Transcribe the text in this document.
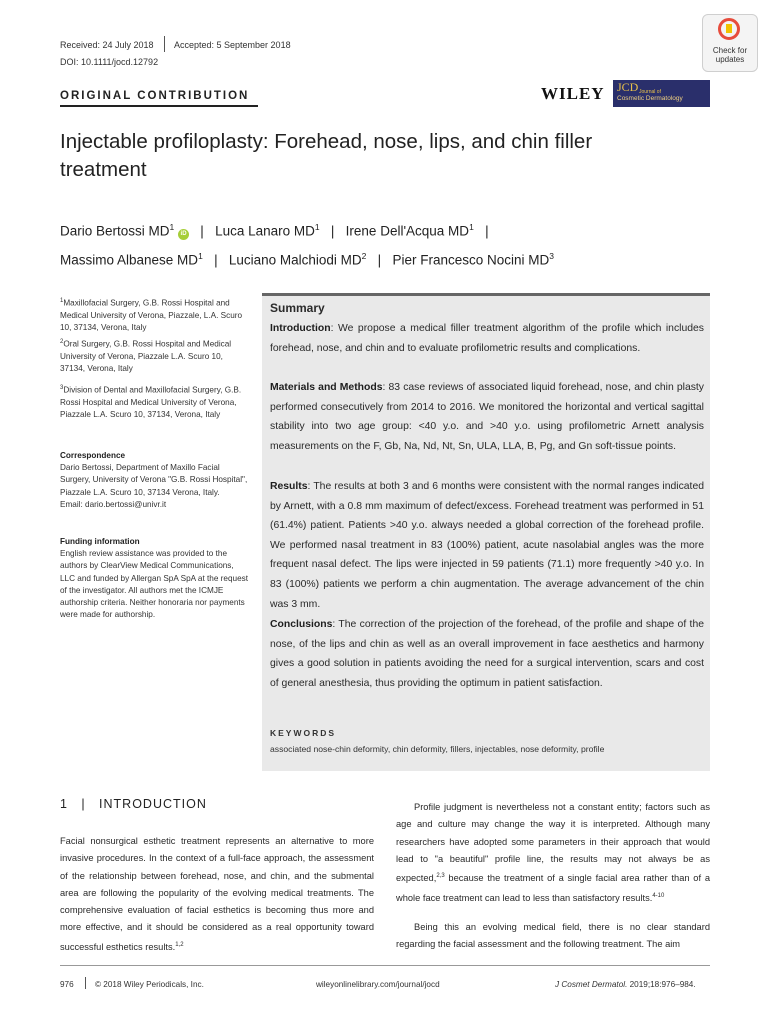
Received: 24 July 2018 Accepted: 5 September 2018
DOI: 10.1111/jocd.12792
Check for
updates
ORIGINAL CONTRIBUTION	WILEY JCD Journal of
Cosmetic Dermatology
Injectable profiloplasty: Forehead, nose, lips, and chin filler
treatment
Dario Bertossi $MD^1$ iD | Luca Lanaro $MD^1$ | Irene Dell'Acqua $MD^1$ |
Massimo Albanese $MD^1$ | Luciano Malchiodi $MD^2$ | Pier Francesco Nocini $MD^3$
$^1$Maxillofacial Surgery, G.B. Rossi Hospital and Medical University of Verona, Piazzale, L.A. Scuro 10, 37134, Verona, Italy
$^2$Oral Surgery, G.B. Rossi Hospital and Medical University of Verona, Piazzale L.A. Scuro 10, 37134, Verona, Italy
$^3$Division of Dental and Maxillofacial Surgery, G.B. Rossi Hospital and Medical University of Verona, Piazzale L.A. Scuro 10, 37134, Verona, Italy
Correspondence
Dario Bertossi, Department of Maxillo Facial Surgery, University of Verona "G.B. Rossi Hospital", Piazzale L.A. Scuro 10, 37134 Verona, Italy.
Email: dario.bertossi@univr.it
Funding information
English review assistance was provided to the authors by ClearView Medical Communications, LLC and funded by Allergan SpA SpA at the request of the investigator. All authors met the ICMJE authorship criteria. Neither honoraria nor payments were made for authorship.
Summary
Introduction: We propose a medical filler treatment algorithm of the profile which includes forehead, nose, and chin and to evaluate profilometric results and complications.
Materials and Methods: 83 case reviews of associated liquid forehead, nose, and chin plasty performed consecutively from 2014 to 2016. We monitored the horizontal and vertical sagittal stability into two age group: <40 y.o. and >40 y.o. using profilometric Arnett analysis measurements on the F, Gb, Na, Nd, Nt, Sn, ULA, LLA, B, Pg, and Gn soft‐tissue points.
Results: The results at both 3 and 6 months were consistent with the normal ranges indicated by Arnett, with a 0.8 mm maximum of defect/excess. Forehead treatment was performed in 51 (61.4%) patient. Patients >40 y.o. always needed a global correction of the forehead profile. We performed nasal treatment in 83 (100%) patient, acute nasolabial angles was the more frequent nasal defect. The lips were injected in 59 patients (71.1) more frequently >40 y.o. In 83 (100%) patients we perform a chin augmentation. The average advancement of the chin was 3 mm.
Conclusions: The correction of the projection of the forehead, of the profile and shape of the nose, of the lips and chin as well as an overall improvement in face aesthetics and harmony gives a good solution in patients avoiding the need for a surgical intervention, scars and cost of general anesthesia, thus providing the optimum in patient satisfaction.
KEYWORDS
associated nose‐chin deformity, chin deformity, fillers, injectables, nose deformity, profile
1 | INTRODUCTION
Facial nonsurgical esthetic treatment represents an alternative to more invasive procedures. In the context of a full‐face approach, the assessment of the relationship between forehead, nose, and chin, and the submental area are following the popularity of the evolving medical treatments. The comprehensive evaluation of facial esthetics is becoming thus more and more effective, and it should be considered as a real opportunity toward successful esthetics results.$^{1,2}$
Profile judgment is nevertheless not a constant entity; factors such as age and culture may change the way it is interpreted. Although many researchers have adopted some parameters in their approach that would lead to "a beautiful" profile line, the results may not always be as expected,$^{2,3}$ because the treatment of a single facial area rather than of a whole face treatment can lead to less than satisfactory results.$^{4‐10}$
Being this an evolving medical field, there is no clear standard regarding the facial assessment and the following treatment. The aim
976	© 2018 Wiley Periodicals, Inc.	wileyonlinelibrary.com/journal/jocd	J Cosmet Dermatol. 2019;18:976–984.
